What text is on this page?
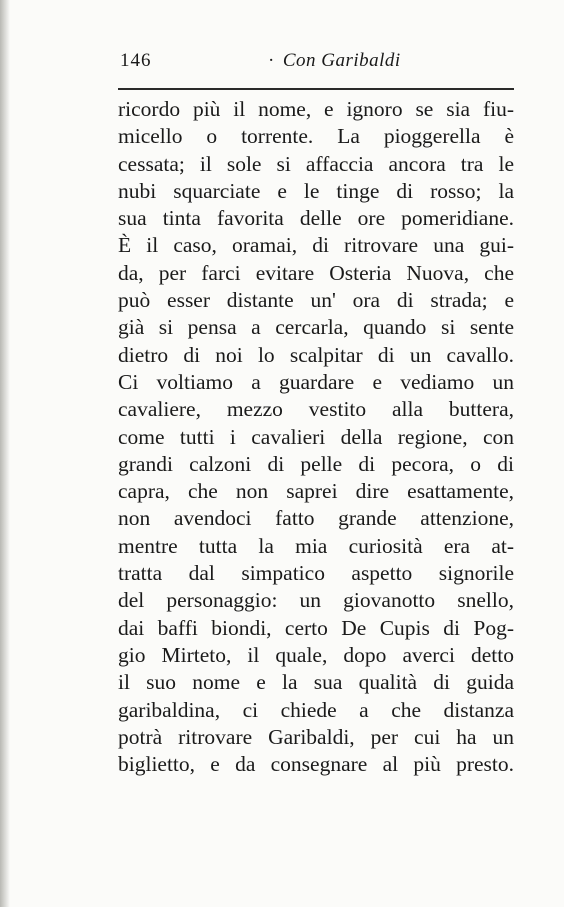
146	· Con Garibaldi
ricordo più il nome, e ignoro se sia fiu-
micello o torrente. La pioggerella è
cessata; il sole si affaccia ancora tra le
nubi squarciate e le tinge di rosso; la
sua tinta favorita delle ore pomeridiane.
È il caso, oramai, di ritrovare una gui-
da, per farci evitare Osteria Nuova, che
può esser distante un' ora di strada; e
già si pensa a cercarla, quando si sente
dietro di noi lo scalpitar di un cavallo.
Ci voltiamo a guardare e vediamo un
cavaliere, mezzo vestito alla buttera,
come tutti i cavalieri della regione, con
grandi calzoni di pelle di pecora, o di
capra, che non saprei dire esattamente,
non avendoci fatto grande attenzione,
mentre tutta la mia curiosità era at-
tratta dal simpatico aspetto signorile
del personaggio: un giovanotto snello,
dai baffi biondi, certo De Cupis di Pog-
gio Mirteto, il quale, dopo averci detto
il suo nome e la sua qualità di guida
garibaldina, ci chiede a che distanza
potrà ritrovare Garibaldi, per cui ha un
biglietto, e da consegnare al più presto.
